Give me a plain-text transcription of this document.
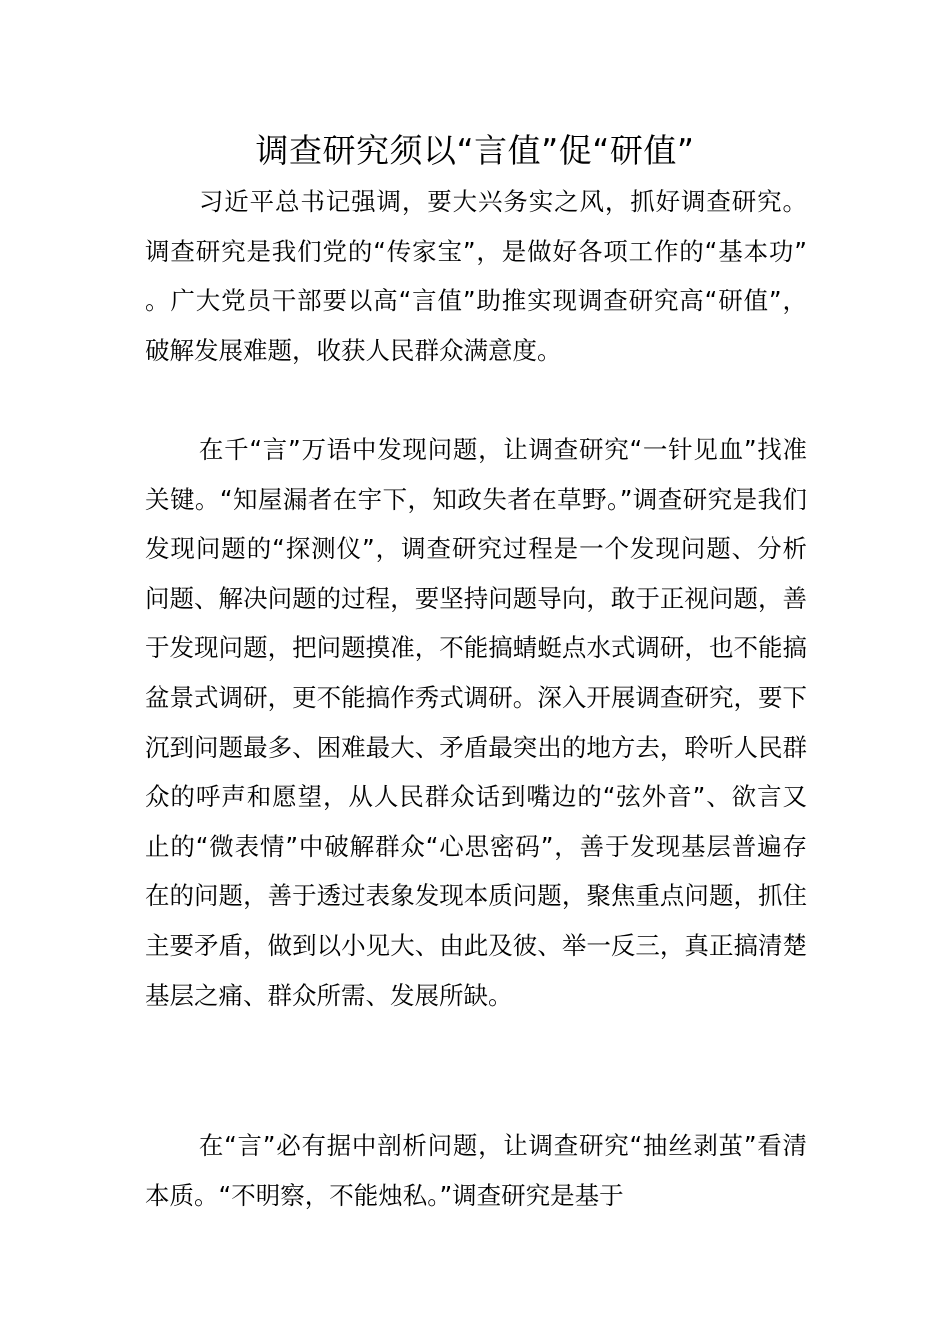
调查研究须以“言值”促“研值”

习近平总书记强调，要大兴务实之风，抓好调查研究。调查研究是我们党的“传家宝”，是做好各项工作的“基本功”。广大党员干部要以高“言值”助推实现调查研究高“研值”，破解发展难题，收获人民群众满意度。

在千“言”万语中发现问题，让调查研究“一针见血”找准关键。“知屋漏者在宇下，知政失者在草野。”调查研究是我们发现问题的“探测仪”，调查研究过程是一个发现问题、分析问题、解决问题的过程，要坚持问题导向，敢于正视问题，善于发现问题，把问题摸准，不能搞蜻蜓点水式调研，也不能搞盆景式调研，更不能搞作秀式调研。深入开展调查研究，要下沉到问题最多、困难最大、矛盾最突出的地方去，聆听人民群众的呼声和愿望，从人民群众话到嘴边的“弦外音”、欲言又止的“微表情”中破解群众“心思密码”，善于发现基层普遍存在的问题，善于透过表象发现本质问题，聚焦重点问题，抓住主要矛盾，做到以小见大、由此及彼、举一反三，真正搞清楚基层之痛、群众所需、发展所缺。

在“言”必有据中剖析问题，让调查研究“抽丝剥茧”看清本质。“不明察，不能烛私。”调查研究是基于
